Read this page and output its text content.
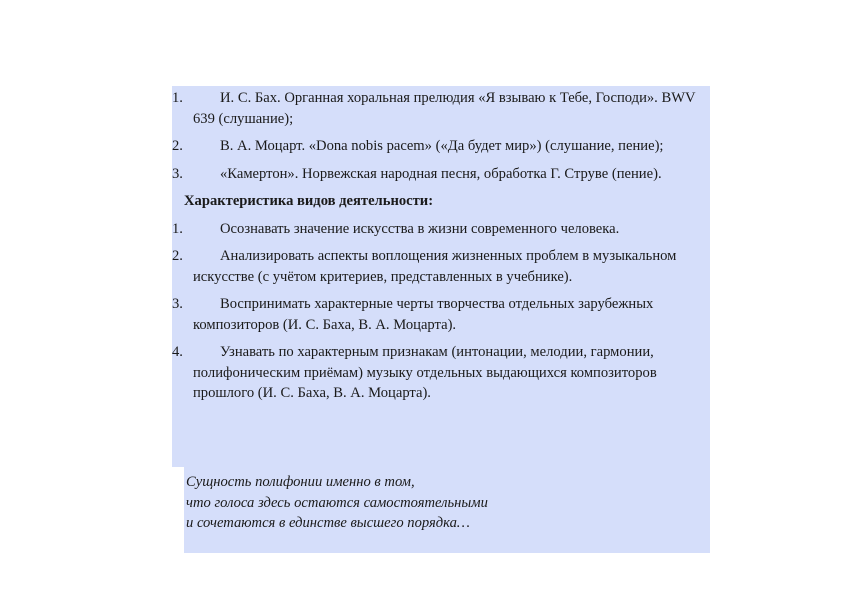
1.	И. С. Бах. Органная хоральная прелюдия «Я взываю к Тебе, Господи». BWV 639 (слушание);
2.	В. А. Моцарт. «Dona nobis pacem» («Да будет мир») (слушание, пение);
3.	«Камертон». Норвежская народная песня, обработка Г. Струве (пение).
Характеристика видов деятельности:
1.	Осознавать значение искусства в жизни современного человека.
2.	Анализировать аспекты воплощения жизненных проблем в музыкальном искусстве (с учётом критериев, представленных в учебнике).
3.	Воспринимать характерные черты творчества отдельных зарубежных композиторов (И. С. Баха, В. А. Моцарта).
4.	Узнавать по характерным признакам (интонации, мелодии, гармонии, полифоническим приёмам) музыку отдельных выдающихся композиторов прошлого (И. С. Баха, В. А. Моцарта).
Сущность полифонии именно в том,
что голоса здесь остаются самостоятельными
и сочетаются в единстве высшего порядка…
